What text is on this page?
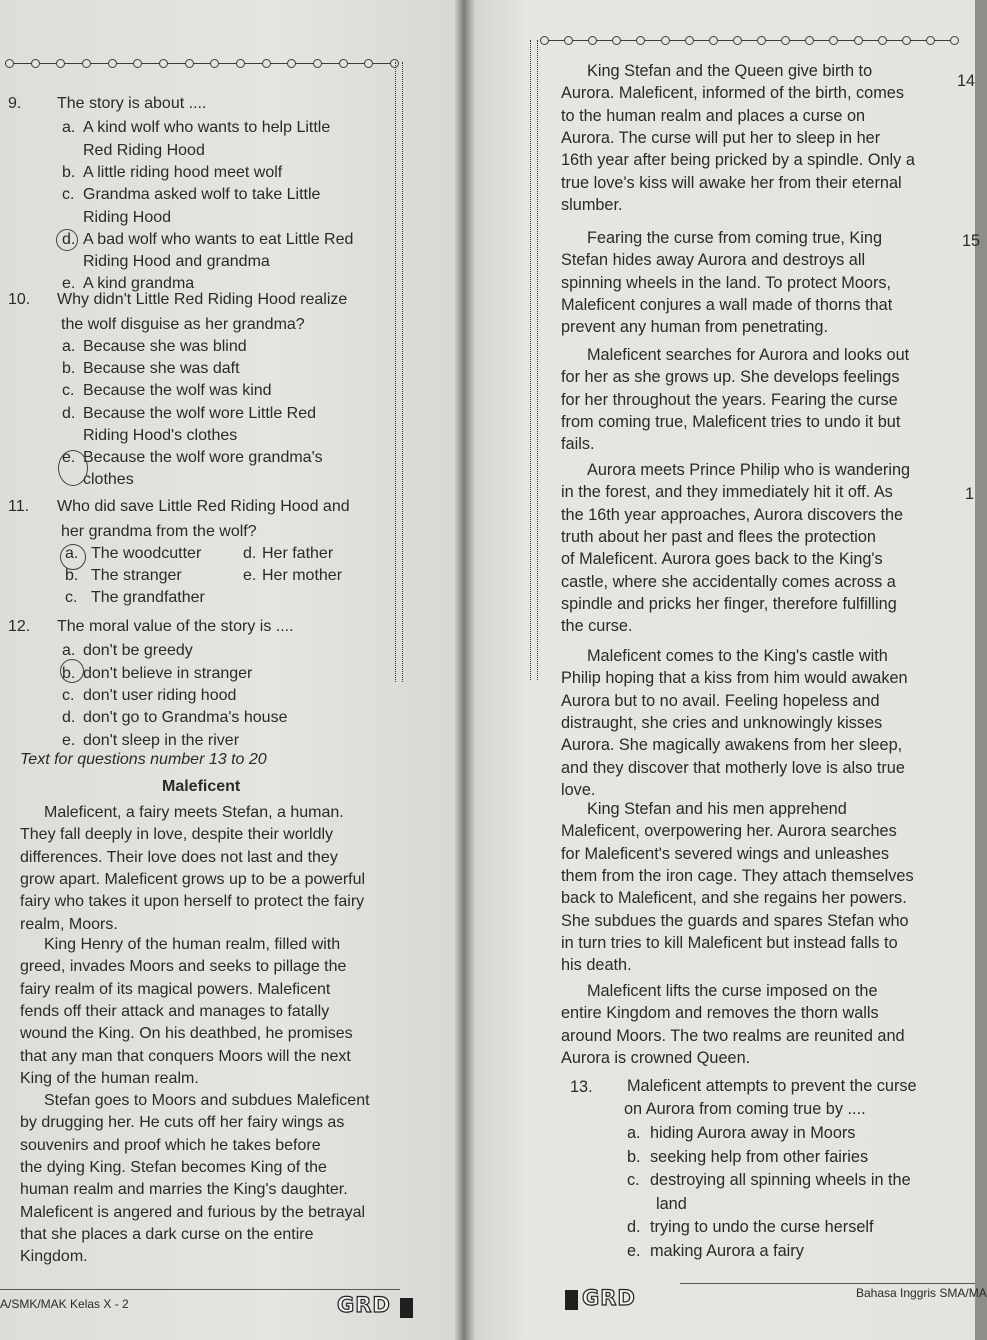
9. The story is about ....
a. A kind wolf who wants to help Little
Red Riding Hood
b. A little riding hood meet wolf
c. Grandma asked wolf to take Little
Riding Hood
d. A bad wolf who wants to eat Little Red
Riding Hood and grandma
e. A kind grandma
10. Why didn't Little Red Riding Hood realize
the wolf disguise as her grandma?
a. Because she was blind
b. Because she was daft
c. Because the wolf was kind
d. Because the wolf wore Little Red
Riding Hood's clothes
e. Because the wolf wore grandma's
clothes
11. Who did save Little Red Riding Hood and
her grandma from the wolf?
a. The woodcutter	d. Her father
b. The stranger	e. Her mother
c. The grandfather
12. The moral value of the story is ....
a. don't be greedy
b. don't believe in stranger
c. don't user riding hood
d. don't go to Grandma's house
e. don't sleep in the river
Text for questions number 13 to 20
Maleficent
Maleficent, a fairy meets Stefan, a human.
They fall deeply in love, despite their worldly
differences. Their love does not last and they
grow apart. Maleficent grows up to be a powerful
fairy who takes it upon herself to protect the fairy
realm, Moors.
King Henry of the human realm, filled with
greed, invades Moors and seeks to pillage the
fairy realm of its magical powers. Maleficent
fends off their attack and manages to fatally
wound the King. On his deathbed, he promises
that any man that conquers Moors will the next
King of the human realm.
Stefan goes to Moors and subdues Maleficent
by drugging her. He cuts off her fairy wings as
souvenirs and proof which he takes before
the dying King. Stefan becomes King of the
human realm and marries the King's daughter.
Maleficent is angered and furious by the betrayal
that she places a dark curse on the entire
Kingdom.
A/SMK/MAK Kelas X - 2	GRD
King Stefan and the Queen give birth to
Aurora. Maleficent, informed of the birth, comes
to the human realm and places a curse on
Aurora. The curse will put her to sleep in her
16th year after being pricked by a spindle. Only a
true love's kiss will awake her from their eternal
slumber.
Fearing the curse from coming true, King
Stefan hides away Aurora and destroys all
spinning wheels in the land. To protect Moors,
Maleficent conjures a wall made of thorns that
prevent any human from penetrating.
Maleficent searches for Aurora and looks out
for her as she grows up. She develops feelings
for her throughout the years. Fearing the curse
from coming true, Maleficent tries to undo it but
fails.
Aurora meets Prince Philip who is wandering
in the forest, and they immediately hit it off. As
the 16th year approaches, Aurora discovers the
truth about her past and flees the protection
of Maleficent. Aurora goes back to the King's
castle, where she accidentally comes across a
spindle and pricks her finger, therefore fulfilling
the curse.
Maleficent comes to the King's castle with
Philip hoping that a kiss from him would awaken
Aurora but to no avail. Feeling hopeless and
distraught, she cries and unknowingly kisses
Aurora. She magically awakens from her sleep,
and they discover that motherly love is also true
love.
King Stefan and his men apprehend
Maleficent, overpowering her. Aurora searches
for Maleficent's severed wings and unleashes
them from the iron cage. They attach themselves
back to Maleficent, and she regains her powers.
She subdues the guards and spares Stefan who
in turn tries to kill Maleficent but instead falls to
his death.
Maleficent lifts the curse imposed on the
entire Kingdom and removes the thorn walls
around Moors. The two realms are reunited and
Aurora is crowned Queen.
14
15
1
13. Maleficent attempts to prevent the curse
on Aurora from coming true by ....
a. hiding Aurora away in Moors
b. seeking help from other fairies
c. destroying all spinning wheels in the
land
d. trying to undo the curse herself
e. making Aurora a fairy
GRD	Bahasa Inggris SMA/MA
